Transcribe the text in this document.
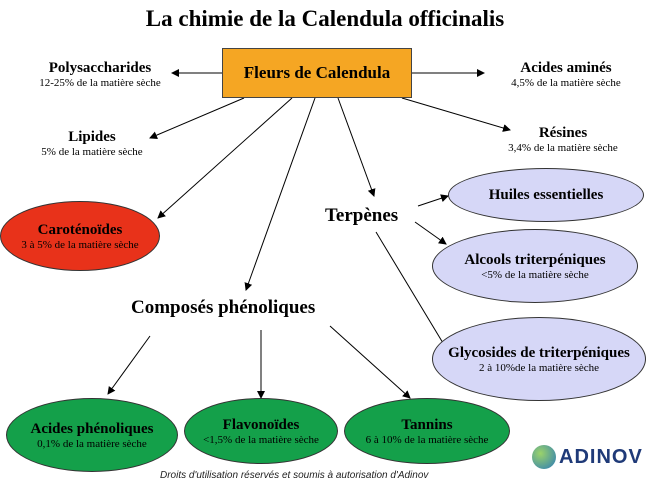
La chimie de la Calendula officinalis
Fleurs de Calendula
Polysaccharides
12-25% de la matière sèche
Acides aminés
4,5% de la matière sèche
Lipides
5% de la matière sèche
Résines
3,4% de la matière sèche
Caroténoïdes
3 à 5% de la matière sèche
Terpènes
Huiles essentielles
Alcools triterpéniques
<5% de la matière sèche
Glycosides de triterpéniques
2 à 10%de la matière sèche
Composés phénoliques
Acides phénoliques
0,1% de la matière sèche
Flavonoïdes
<1,5% de la matière sèche
Tannins
6 à 10% de la matière sèche
Droits d'utilisation réservés et soumis à autorisation d'Adinov
ADINOV
